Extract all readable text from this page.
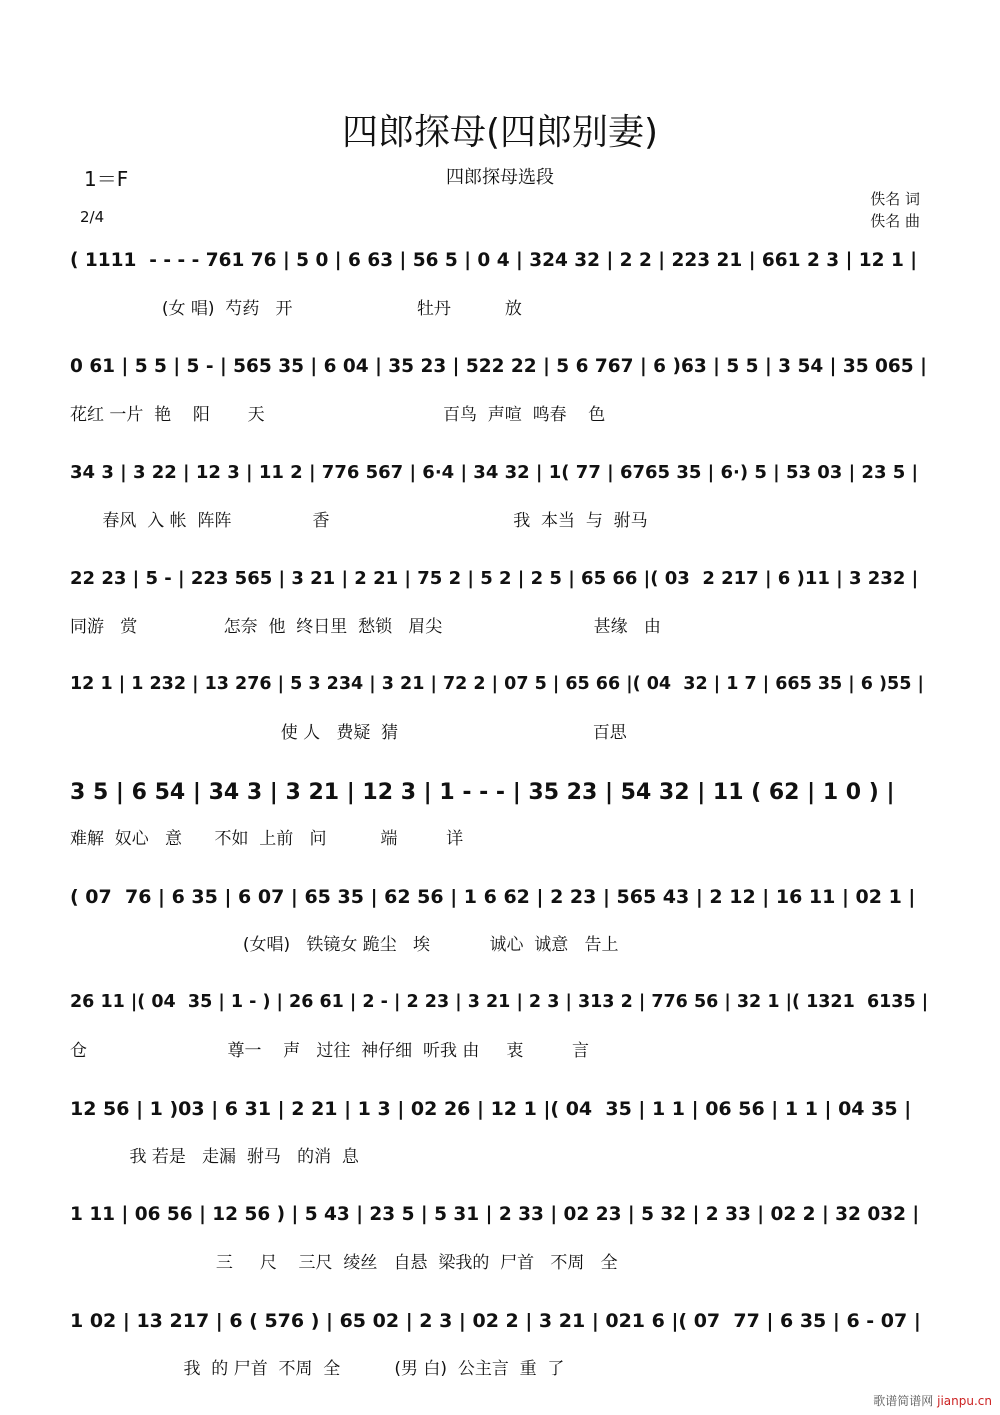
四郎探母(四郎别妻)
四郎探母选段
1＝F
2/4
佚名 词
佚名 曲
( 1111  - - - - 761 76 | 5 0 | 6 63 | 56 5 | 0 4 | 324 32 | 2 2 | 223 21 | 661 2 3 | 12 1 |
(女 唱)  芍药   开                       牡丹          放
0 61 | 5 5 | 5 - | 565 35 | 6 04 | 35 23 | 522 22 | 5 6 767 | 6 )63 | 5 5 | 3 54 | 35 065 |
花红 一片  艳    阳       天                                 百鸟  声喧  鸣春    色
34 3 | 3 22 | 12 3 | 11 2 | 776 567 | 6·4 | 34 32 | 1( 77 | 6765 35 | 6·) 5 | 53 03 | 23 5 |
春风  入 帐  阵阵               香                                  我  本当  与  驸马
22 23 | 5 - | 223 565 | 3 21 | 2 21 | 75 2 | 5 2 | 2 5 | 65 66 |( 03  2 217 | 6 )11 | 3 232 |
同游   赏                怎奈  他  终日里  愁锁   眉尖                            甚缘   由
12 1 | 1 232 | 13 276 | 5 3 234 | 3 21 | 72 2 | 07 5 | 65 66 |( 04  32 | 1 7 | 665 35 | 6 )55 |
使 人   费疑  猜                                    百思
3 5 | 6 54 | 34 3 | 3 21 | 12 3 | 1 - - - | 35 23 | 54 32 | 11 ( 62 | 1 0 ) |
难解  奴心   意      不如  上前   问          端         详
( 07  76 | 6 35 | 6 07 | 65 35 | 62 56 | 1 6 62 | 2 23 | 565 43 | 2 12 | 16 11 | 02 1 |
(女唱)   铁镜女 跪尘   埃           诚心  诚意   告上
26 11 |( 04  35 | 1 - ) | 26 61 | 2 - | 2 23 | 3 21 | 2 3 | 313 2 | 776 56 | 32 1 |( 1321  6135 |
仓                          尊一    声   过往  神仔细  听我 由     衷         言
12 56 | 1 )03 | 6 31 | 2 21 | 1 3 | 02 26 | 12 1 |( 04  35 | 1 1 | 06 56 | 1 1 | 04 35 |
我 若是   走漏  驸马   的消  息
1 11 | 06 56 | 12 56 ) | 5 43 | 23 5 | 5 31 | 2 33 | 02 23 | 5 32 | 2 33 | 02 2 | 32 032 |
三     尺    三尺  绫丝   自悬  梁我的  尸首   不周   全
1 02 | 13 217 | 6 ( 576 ) | 65 02 | 2 3 | 02 2 | 3 21 | 021 6 |( 07  77 | 6 35 | 6 - 07 |
我  的 尸首  不周  全          (男 白)  公主言  重  了
歌谱简谱网 jianpu.cn
